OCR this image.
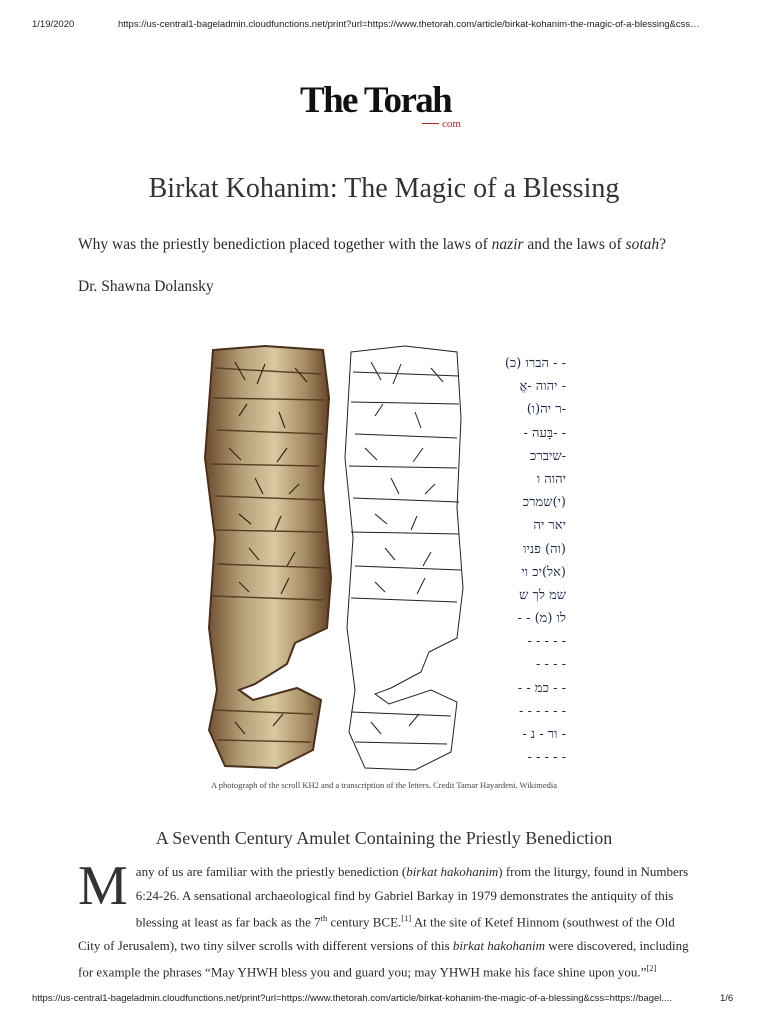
1/19/2020	https://us-central1-bageladmin.cloudfunctions.net/print?url=https://www.thetorah.com/article/birkat-kohanim-the-magic-of-a-blessing&css…
The Torah
com
Birkat Kohanim: The Magic of a Blessing

Why was the priestly benediction placed together with the laws of nazir and the laws of sotah?

Dr. Shawna Dolansky

- - הברו (כ)
- יהוה -אֱ
-ר יה(ו)
- -בָּעה -
-שיברכ
יהוה ו
(י)שמרכ
יאר יה
(וה) פניו
(אל)יכ וי
שמ לך ש
לו (מ) - -
- - - - -
- - - -
- - כמ - -
- - - - - -
- ור - נ -
- - - - -

A photograph of the scroll KH2 and a transcription of the letters. Credit Tamar Hayardeni. Wikimedia

A Seventh Century Amulet Containing the Priestly Benediction
Many of us are familiar with the priestly benediction (birkat hakohanim) from the liturgy, found in Numbers 6:24-26. A sensational archaeological find by Gabriel Barkay in 1979 demonstrates the antiquity of this blessing at least as far back as the 7th century BCE.[1] At the site of Ketef Hinnom (southwest of the Old City of Jerusalem), two tiny silver scrolls with different versions of this birkat hakohanim were discovered, including for example the phrases “May YHWH bless you and guard you; may YHWH make his face shine upon you.”[2]
https://us-central1-bageladmin.cloudfunctions.net/print?url=https://www.thetorah.com/article/birkat-kohanim-the-magic-of-a-blessing&css=https://bagel....	1/6
